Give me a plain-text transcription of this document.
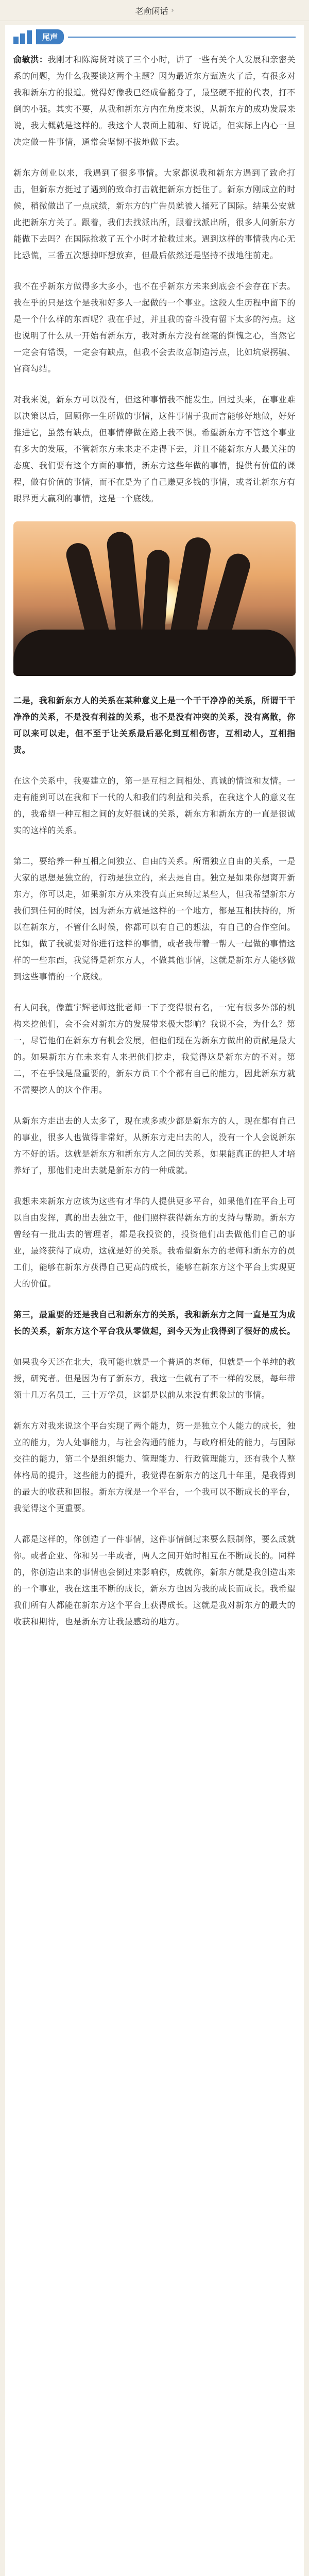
老俞闲话 ›
尾声

俞敏洪：我刚才和陈海贤对谈了三个小时，讲了一些有关个人发展和亲密关系的问题，为什么我要谈这两个主题？因为最近东方甄选火了后，有很多对我和新东方的报道。觉得好像我已经成鲁豁身了，最坚硬不摧的代表，打不倒的小强。其实不要，从我和新东方内在角度来说，从新东方的成功发展来说，我大概就是这样的。我这个人表面上随和、好说话，但实际上内心一旦决定做一件事情，通常会坚韧不拔地做下去。

新东方创业以来，我遇到了很多事情。大家都说我和新东方遇到了致命打击，但新东方挺过了遇到的致命打击就把新东方挺住了。新东方刚成立的时候，稍微做出了一点成绩，新东方的广告员就被人捅死了国际。结果公安就此把新东方关了。跟着，我们去找派出所，跟着找派出所，很多人问新东方能做下去吗？在国际抢救了五个小时才抢救过来。遇到这样的事情我内心无比恐慌，三番五次想掉吓想放弃，但最后依然还是坚持不拔地往前走。

我不在乎新东方做得多大多小，也不在乎新东方未来到底会不会存在下去。我在乎的只是这个是我和好多人一起做的一个事业。这段人生历程中留下的是一个什么样的东西呢？我在乎过，并且我的奋斗没有留下太多的污点。这也说明了什么从一开始有新东方，我对新东方没有丝毫的惭愧之心，当然它一定会有错误，一定会有缺点，但我不会去故意制造污点，比如坑蒙拐骗、官商勾结。

对我来说，新东方可以没有，但这种事情我不能发生。回过头来，在事业难以决策以后，回顾你一生所做的事情，这件事情于我而言能够好地做，好好推进它，虽然有缺点，但事情停做在路上我不惧。希望新东方不管这个事业有多大的发展，不管新东方未来走不走得下去，并且不能新东方人最关注的态度、我们要有这个方面的事情，新东方这些年做的事情，提供有价值的课程，做有价值的事情，而不在是为了自己赚更多钱的事情，或者让新东方有眼界更大赢利的事情，这是一个底线。

二是，我和新东方人的关系在某种意义上是一个干干净净的关系，所谓干干净净的关系，不是没有利益的关系，也不是没有冲突的关系，没有离散，你可以来可以走，但不至于让关系最后恶化到互相伤害，互相动人，互相指责。

在这个关系中，我要建立的，第一是互相之间相处、真诚的情谊和友情。一走有能到可以在我和下一代的人和我们的利益和关系，在我这个人的意义在的，我希望一种互相之间的友好很诚的关系，新东方和新东方的一直是很诚实的这样的关系。

第二，要给养一种互相之间独立、自由的关系。所谓独立自由的关系，一是大家的思想是独立的，行动是独立的，来去是自由。独立是如果你想离开新东方，你可以走，如果新东方从来没有真正束缚过某些人，但我希望新东方我们到任何的时候，因为新东方就是这样的一个地方，都是互相扶持的，所以在新东方，不管什么时候，你都可以有自己的想法，有自己的合作空间。比如，做了我就要对你进行这样的事情，或者我带着一帮人一起做的事情这样的一些东西，我觉得是新东方人，不做其他事情，这就是新东方人能够做到这些事情的一个底线。

有人问我，像董宇辉老师这批老师一下子变得很有名，一定有很多外部的机构来挖他们，会不会对新东方的发展带来极大影响？我说不会，为什么？第一，尽管他们在新东方有机会发展，但他们现在为新东方做出的贡献是最大的。如果新东方在未来有人来把他们挖走，我觉得这是新东方的不对。第二，不在乎钱是最重要的，新东方员工个个都有自己的能力，因此新东方就不需要挖人的这个作用。

从新东方走出去的人太多了，现在或多或少都是新东方的人，现在都有自己的事业，很多人也做得非常好，从新东方走出去的人，没有一个人会说新东方不好的话。这就是新东方和新东方人之间的关系，如果能真正的把人才培养好了，那他们走出去就是新东方的一种成就。

我想未来新东方应该为这些有才华的人提供更多平台，如果他们在平台上可以自由发挥，真的出去独立干，他们照样获得新东方的支持与帮助。新东方曾经有一批出去的管理者，都是我投资的，投资他们出去做他们自己的事业，最终获得了成功，这就是好的关系。我希望新东方的老师和新东方的员工们，能够在新东方获得自己更高的成长，能够在新东方这个平台上实现更大的价值。

第三，最重要的还是我自己和新东方的关系，我和新东方之间一直是互为成长的关系，新东方这个平台我从零做起，到今天为止我得到了很好的成长。

如果我今天还在北大，我可能也就是一个普通的老师，但就是一个单纯的教授，研究者。但是因为有了新东方，我这一生就有了不一样的发展，每年带领十几万名员工，三十万学员，这都是以前从来没有想象过的事情。

新东方对我来说这个平台实现了两个能力，第一是独立个人能力的成长，独立的能力，为人处事能力，与社会沟通的能力，与政府相处的能力，与国际交往的能力，第二个是组织能力、管理能力、行政管理能力，还有我个人整体格局的提升，这些能力的提升，我觉得在新东方的这几十年里，是我得到的最大的收获和回报。新东方就是一个平台，一个我可以不断成长的平台，我觉得这个更重要。

人都是这样的，你创造了一件事情，这件事情倒过来要么限制你，要么成就你。或者企业、你和另一半或者，两人之间开始时相互在不断成长的。同样的，你创造出来的事情也会倒过来影响你，成就你，新东方就是我创造出来的一个事业，我在这里不断的成长，新东方也因为我的成长而成长。我希望我们所有人都能在新东方这个平台上获得成长。这就是我对新东方的最大的收获和期待，也是新东方让我最感动的地方。
